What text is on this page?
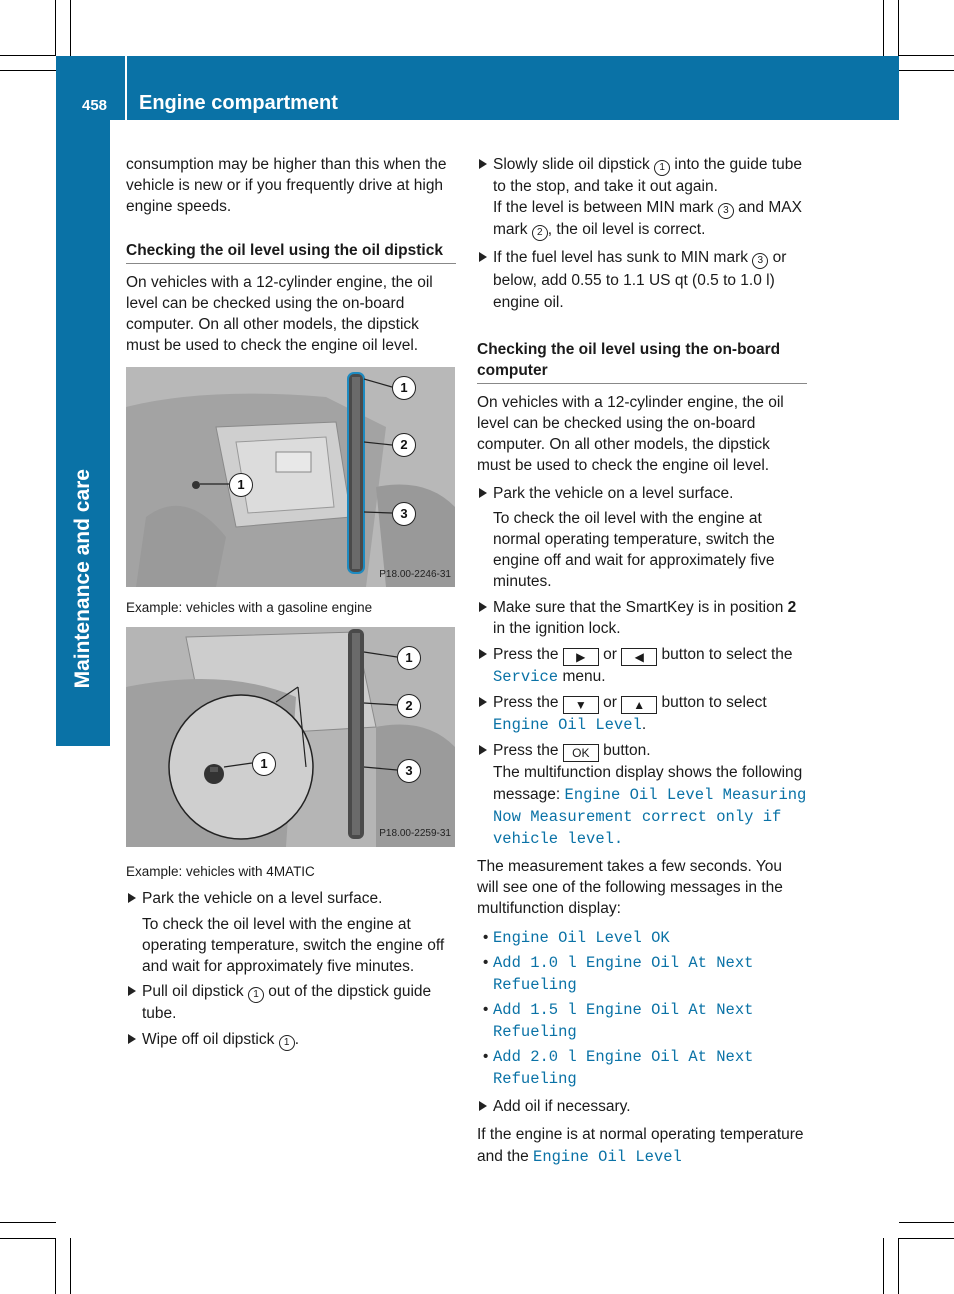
458 Engine compartment
Maintenance and care

consumption may be higher than this when the vehicle is new or if you frequently drive at high engine speeds.

Checking the oil level using the oil dipstick

On vehicles with a 12-cylinder engine, the oil level can be checked using the on-board computer. On all other models, the dipstick must be used to check the engine oil level.

1
2
3
1
P18.00-2246-31

Example: vehicles with a gasoline engine

1
2
3
1
P18.00-2259-31

Example: vehicles with 4MATIC

Park the vehicle on a level surface.

To check the oil level with the engine at operating temperature, switch the engine off and wait for approximately five minutes.

Pull oil dipstick 1 out of the dipstick guide tube.

Wipe off oil dipstick 1 .

Slowly slide oil dipstick 1 into the guide tube to the stop, and take it out again.

If the level is between MIN mark 3 and MAX mark 2 , the oil level is correct.

If the fuel level has sunk to MIN mark 3 or below, add 0.55 to 1.1 US qt (0.5 to 1.0 l) engine oil.

Checking the oil level using the on-board computer

On vehicles with a 12-cylinder engine, the oil level can be checked using the on-board computer. On all other models, the dipstick must be used to check the engine oil level.

Park the vehicle on a level surface.

To check the oil level with the engine at normal operating temperature, switch the engine off and wait for approximately five minutes.

Make sure that the SmartKey is in position 2 in the ignition lock.

Press the ▶ or ◀ button to select the Service menu.

Press the ▼ or ▲ button to select Engine Oil Level.

Press the OK button.

The multifunction display shows the following message: Engine Oil Level Measuring Now Measurement correct only if vehicle level.

The measurement takes a few seconds. You will see one of the following messages in the multifunction display:

• Engine Oil Level OK

• Add 1.0 l Engine Oil At Next Refueling

• Add 1.5 l Engine Oil At Next Refueling

• Add 2.0 l Engine Oil At Next Refueling

Add oil if necessary.

If the engine is at normal operating temperature and the Engine Oil Level
